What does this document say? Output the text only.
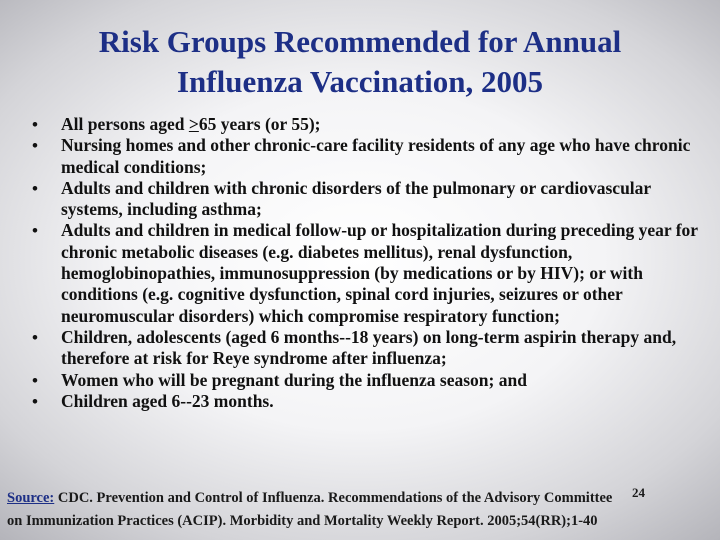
Risk Groups Recommended for Annual
Influenza Vaccination, 2005
• All persons aged ≥65 years (or 55);
• Nursing homes and other chronic-care facility residents of any age who have chronic medical conditions;
• Adults and children with chronic disorders of the pulmonary or cardiovascular systems, including asthma;
• Adults and children in medical follow-up or hospitalization during preceding year for chronic metabolic diseases (e.g. diabetes mellitus), renal dysfunction, hemoglobinopathies, immunosuppression (by medications or by HIV); or with conditions (e.g. cognitive dysfunction, spinal cord injuries, seizures or other neuromuscular disorders) which compromise respiratory function;
• Children, adolescents (aged 6 months--18 years) on long-term aspirin therapy and, therefore at risk for Reye syndrome after influenza;
• Women who will be pregnant during the influenza season; and
• Children aged 6--23 months.
Source: CDC. Prevention and Control of Influenza. Recommendations of the Advisory Committee
on Immunization Practices (ACIP). Morbidity and Mortality Weekly Report. 2005;54(RR);1-40
24
